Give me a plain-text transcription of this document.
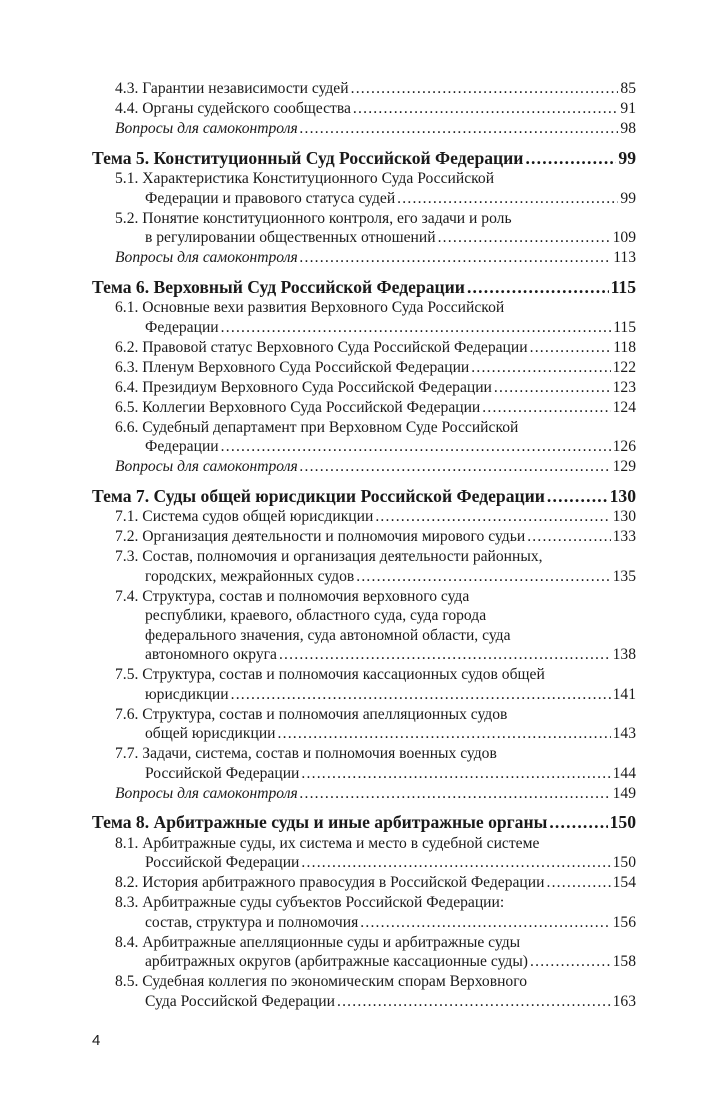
4.3. Гарантии независимости судей .....	85
4.4. Органы судейского сообщества .....	91
Вопросы для самоконтроля .....	98
Тема 5. Конституционный Суд Российской Федерации .....	99
5.1. Характеристика Конституционного Суда Российской
Федерации и правового статуса судей .....	99
5.2. Понятие конституционного контроля, его задачи и роль
в регулировании общественных отношений .....	109
Вопросы для самоконтроля .....	113
Тема 6. Верховный Суд Российской Федерации .....	115
6.1. Основные вехи развития Верховного Суда Российской
Федерации .....	115
6.2. Правовой статус Верховного Суда Российской Федерации .....	118
6.3. Пленум Верховного Суда Российской Федерации .....	122
6.4. Президиум Верховного Суда Российской Федерации .....	123
6.5. Коллегии Верховного Суда Российской Федерации .....	124
6.6. Судебный департамент при Верховном Суде Российской
Федерации .....	126
Вопросы для самоконтроля .....	129
Тема 7. Суды общей юрисдикции Российской Федерации .....	130
7.1. Система судов общей юрисдикции .....	130
7.2. Организация деятельности и полномочия мирового судьи .....	133
7.3. Состав, полномочия и организация деятельности районных,
городских, межрайонных судов .....	135
7.4. Структура, состав и полномочия верховного суда
республики, краевого, областного суда, суда города
федерального значения, суда автономной области, суда
автономного округа .....	138
7.5. Структура, состав и полномочия кассационных судов общей
юрисдикции .....	141
7.6. Структура, состав и полномочия апелляционных судов
общей юрисдикции .....	143
7.7. Задачи, система, состав и полномочия военных судов
Российской Федерации .....	144
Вопросы для самоконтроля .....	149
Тема 8. Арбитражные суды и иные арбитражные органы .....	150
8.1. Арбитражные суды, их система и место в судебной системе
Российской Федерации .....	150
8.2. История арбитражного правосудия в Российской Федерации .....	154
8.3. Арбитражные суды субъектов Российской Федерации:
состав, структура и полномочия .....	156
8.4. Арбитражные апелляционные суды и арбитражные суды
арбитражных округов (арбитражные кассационные суды) .....	158
8.5. Судебная коллегия по экономическим спорам Верховного
Суда Российской Федерации .....	163
4
